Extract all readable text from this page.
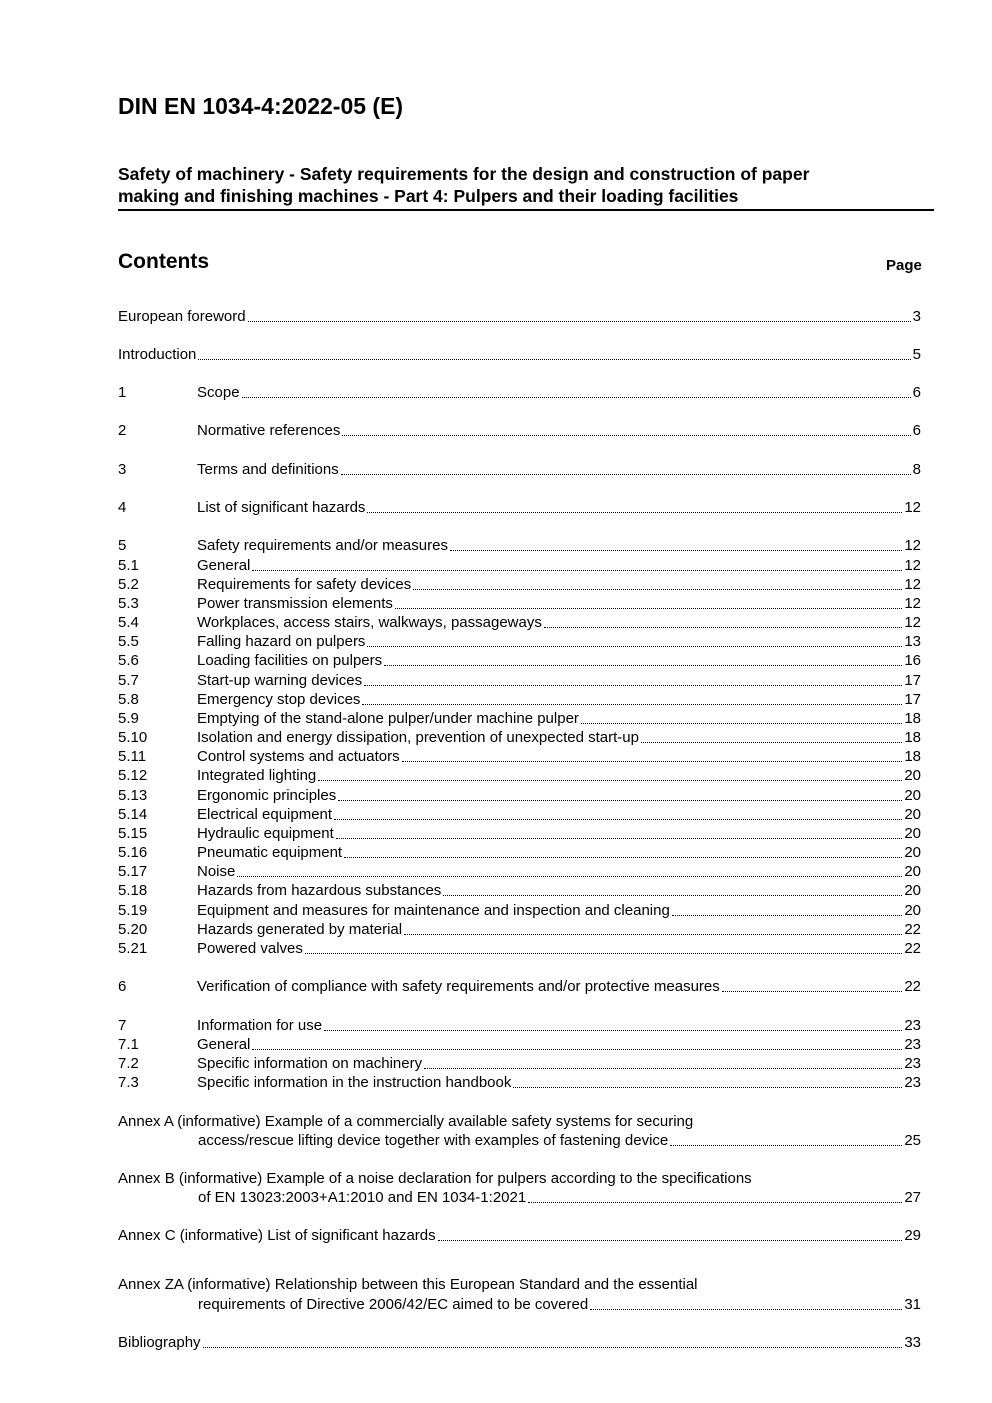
DIN EN 1034-4:2022-05 (E)
Safety of machinery - Safety requirements for the design and construction of paper
making and finishing machines - Part 4: Pulpers and their loading facilities
Contents	Page
European foreword	3
Introduction	5
1	Scope	6
2	Normative references	6
3	Terms and definitions	8
4	List of significant hazards	12
5	Safety requirements and/or measures	12
5.1	General	12
5.2	Requirements for safety devices	12
5.3	Power transmission elements	12
5.4	Workplaces, access stairs, walkways, passageways	12
5.5	Falling hazard on pulpers	13
5.6	Loading facilities on pulpers	16
5.7	Start-up warning devices	17
5.8	Emergency stop devices	17
5.9	Emptying of the stand-alone pulper/under machine pulper	18
5.10	Isolation and energy dissipation, prevention of unexpected start-up	18
5.11	Control systems and actuators	18
5.12	Integrated lighting	20
5.13	Ergonomic principles	20
5.14	Electrical equipment	20
5.15	Hydraulic equipment	20
5.16	Pneumatic equipment	20
5.17	Noise	20
5.18	Hazards from hazardous substances	20
5.19	Equipment and measures for maintenance and inspection and cleaning	20
5.20	Hazards generated by material	22
5.21	Powered valves	22
6	Verification of compliance with safety requirements and/or protective measures	22
7	Information for use	23
7.1	General	23
7.2	Specific information on machinery	23
7.3	Specific information in the instruction handbook	23
Annex A (informative) Example of a commercially available safety systems for securing
access/rescue lifting device together with examples of fastening device	25
Annex B (informative) Example of a noise declaration for pulpers according to the specifications
of EN 13023:2003+A1:2010 and EN 1034-1:2021	27
Annex C (informative) List of significant hazards	29
Annex ZA (informative) Relationship between this European Standard and the essential
requirements of Directive 2006/42/EC aimed to be covered	31
Bibliography	33
